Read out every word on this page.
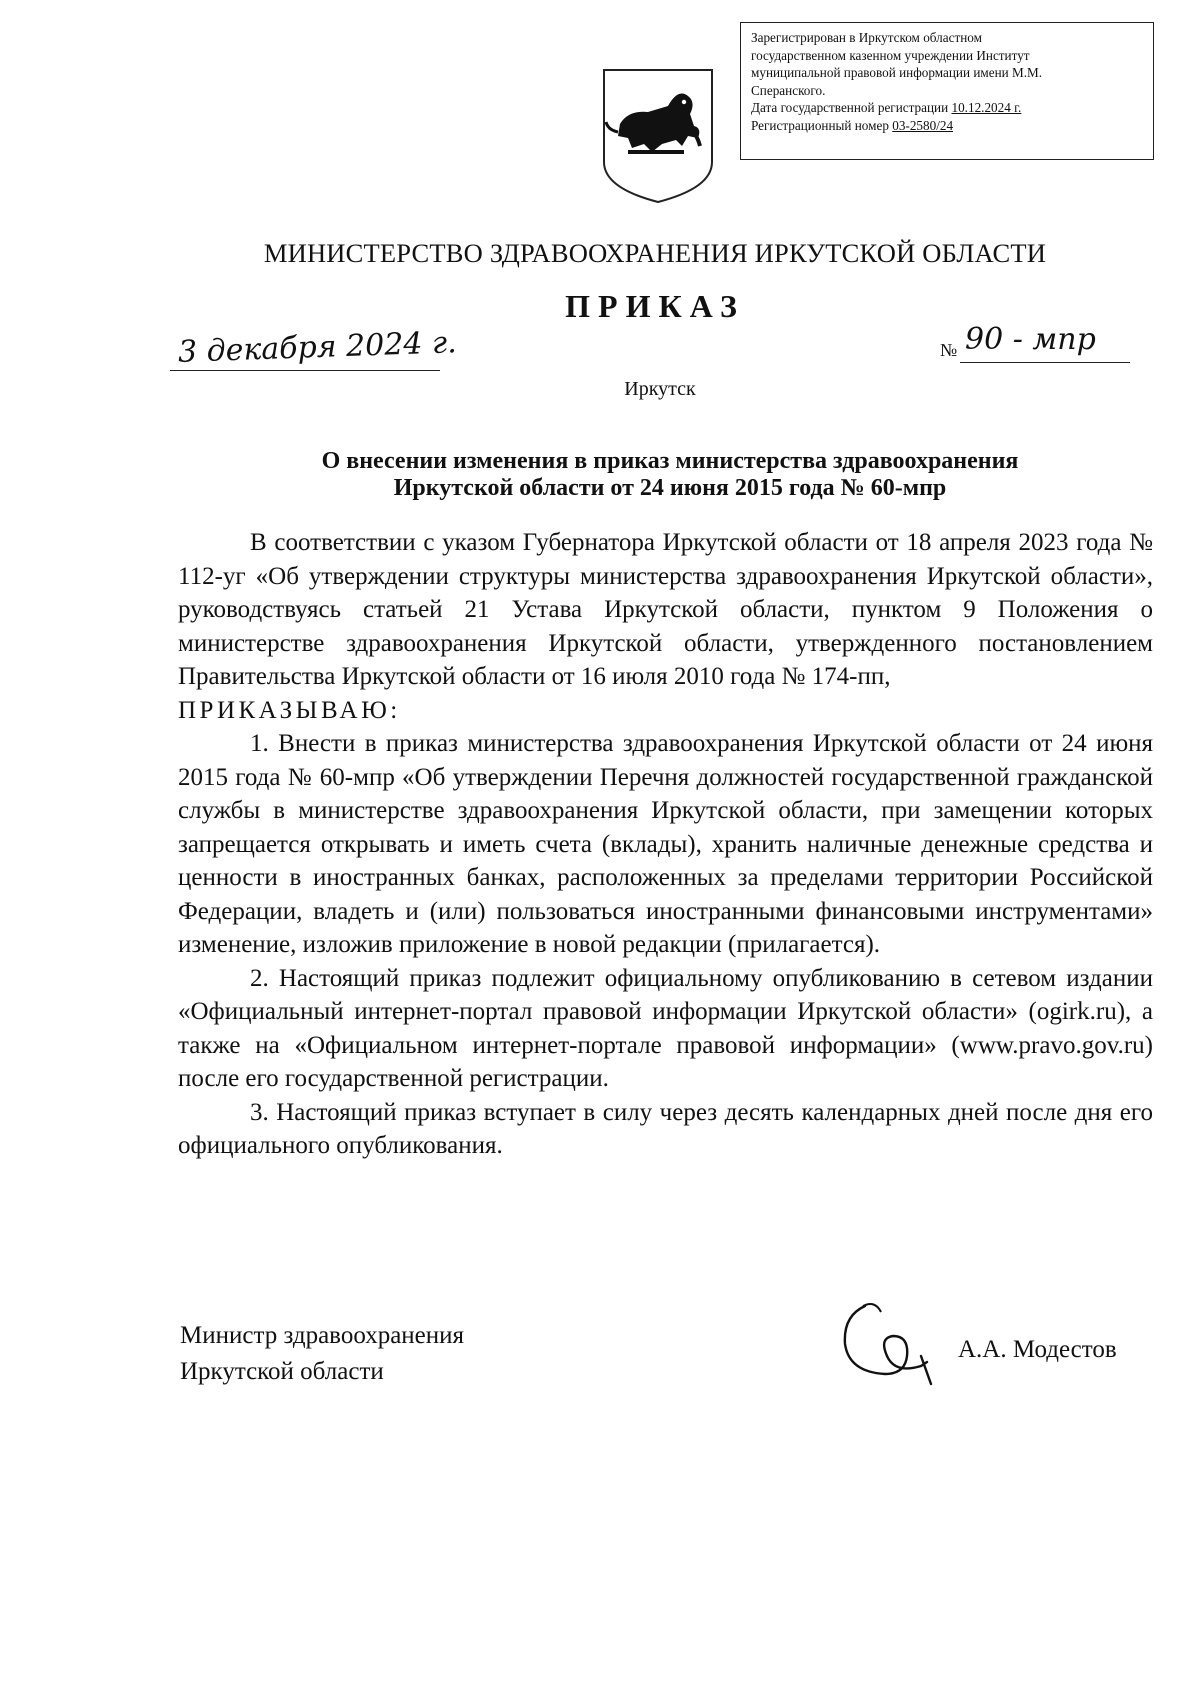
Зарегистрирован в Иркутском областном
государственном казенном учреждении Институт
муниципальной правовой информации имени М.М.
Сперанского.
Дата государственной регистрации 10.12.2024 г.
Регистрационный номер 03-2580/24
МИНИСТЕРСТВО ЗДРАВООХРАНЕНИЯ ИРКУТСКОЙ ОБЛАСТИ
ПРИКАЗ
3 декабря 2024 г.	№ 90 - мпр
Иркутск
О внесении изменения в приказ министерства здравоохранения
Иркутской области от 24 июня 2015 года № 60-мпр

В соответствии с указом Губернатора Иркутской области от 18 апреля 2023 года № 112-уг «Об утверждении структуры министерства здравоохранения Иркутской области», руководствуясь статьей 21 Устава Иркутской области, пунктом 9 Положения о министерстве здравоохранения Иркутской области, утвержденного постановлением Правительства Иркутской области от 16 июля 2010 года № 174-пп,

ПРИКАЗЫВАЮ:

1. Внести в приказ министерства здравоохранения Иркутской области от 24 июня 2015 года № 60-мпр «Об утверждении Перечня должностей государственной гражданской службы в министерстве здравоохранения Иркутской области, при замещении которых запрещается открывать и иметь счета (вклады), хранить наличные денежные средства и ценности в иностранных банках, расположенных за пределами территории Российской Федерации, владеть и (или) пользоваться иностранными финансовыми инструментами» изменение, изложив приложение в новой редакции (прилагается).

2. Настоящий приказ подлежит официальному опубликованию в сетевом издании «Официальный интернет-портал правовой информации Иркутской области» (ogirk.ru), а также на «Официальном интернет-портале правовой информации» (www.pravo.gov.ru) после его государственной регистрации.

3. Настоящий приказ вступает в силу через десять календарных дней после дня его официального опубликования.

Министр здравоохранения
Иркутской области
А.А. Модестов
